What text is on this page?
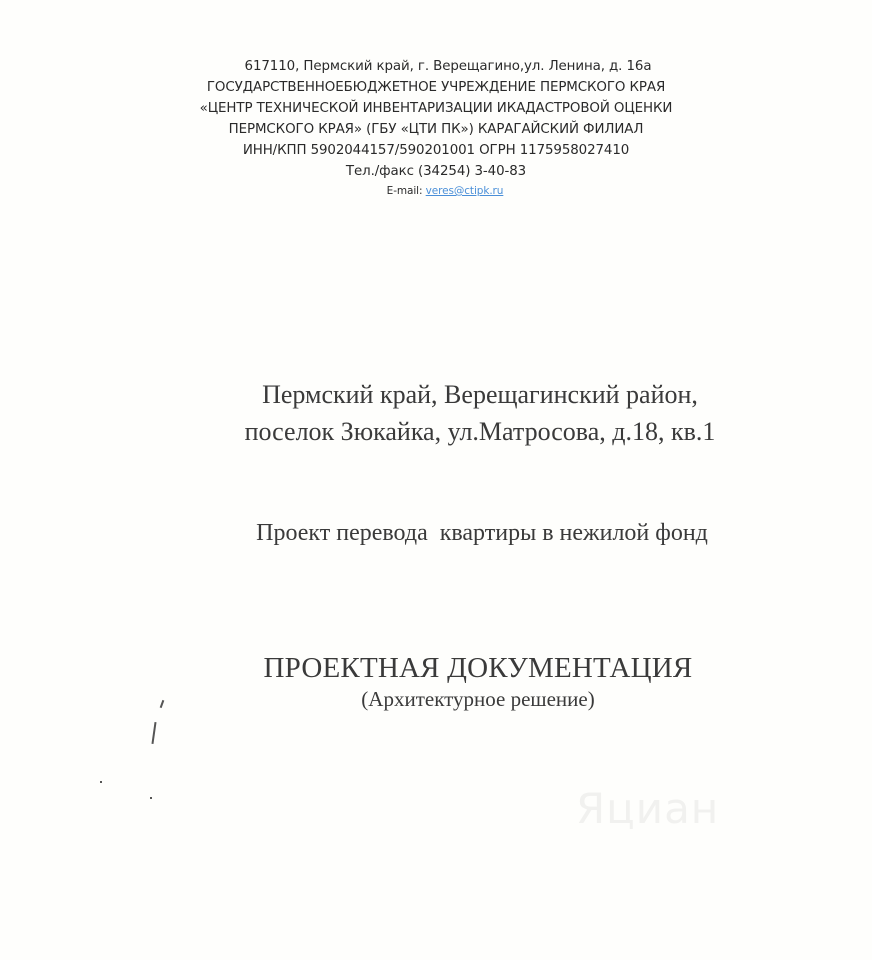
617110, Пермский край, г. Верещагино,ул. Ленина, д. 16а
ГОСУДАРСТВЕННОЕБЮДЖЕТНОЕ УЧРЕЖДЕНИЕ ПЕРМСКОГО КРАЯ
«ЦЕНТР ТЕХНИЧЕСКОЙ ИНВЕНТАРИЗАЦИИ ИКАДАСТРОВОЙ ОЦЕНКИ
ПЕРМСКОГО КРАЯ» (ГБУ «ЦТИ ПК») КАРАГАЙСКИЙ ФИЛИАЛ
ИНН/КПП 5902044157/590201001 ОГРН 1175958027410
Тел./факс (34254) 3-40-83
E-mail: veres@ctipk.ru
Пермский край, Верещагинский район,
поселок Зюкайка, ул.Матросова, д.18, кв.1
Проект перевода  квартиры в нежилой фонд
ПРОЕКТНАЯ ДОКУМЕНТАЦИЯ
(Архитектурное решение)
Яциан
